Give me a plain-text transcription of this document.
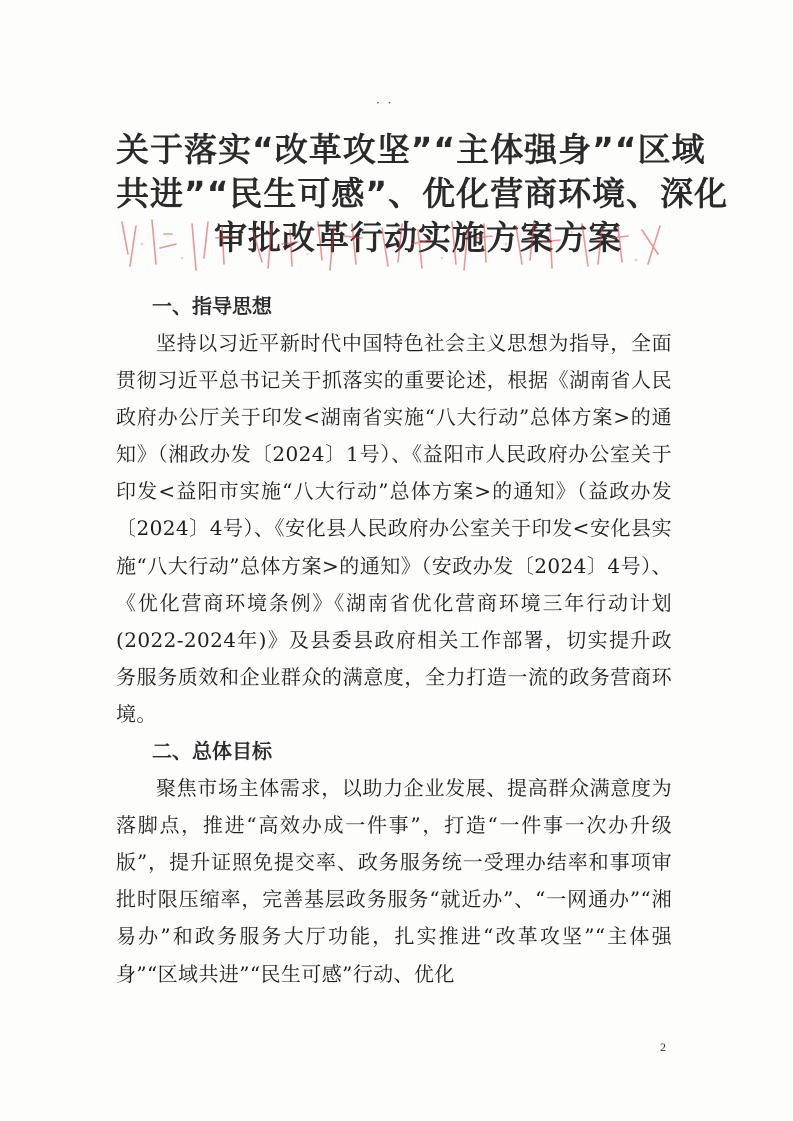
· ·
关于落实“改革攻坚”“主体强身”“区域
共进”“民生可感”、优化营商环境、深化
审批改革行动实施方案方案
一、指导思想

坚持以习近平新时代中国特色社会主义思想为指导，全面贯彻习近平总书记关于抓落实的重要论述，根据《湖南省人民政府办公厅关于印发<湖南省实施“八大行动”总体方案>的通知》（湘政办发〔2024〕1号）、《益阳市人民政府办公室关于印发<益阳市实施“八大行动”总体方案>的通知》（益政办发〔2024〕4号）、《安化县人民政府办公室关于印发<安化县实施“八大行动”总体方案>的通知》（安政办发〔2024〕4号）、《优化营商环境条例》《湖南省优化营商环境三年行动计划(2022-2024年)》及县委县政府相关工作部署，切实提升政务服务质效和企业群众的满意度，全力打造一流的政务营商环境。

二、总体目标

聚焦市场主体需求，以助力企业发展、提高群众满意度为落脚点，推进“高效办成一件事”，打造“一件事一次办升级版”，提升证照免提交率、政务服务统一受理办结率和事项审批时限压缩率，完善基层政务服务“就近办”、“一网通办”“湘易办”和政务服务大厅功能，扎实推进“改革攻坚”“主体强身”“区域共进”“民生可感”行动、优化

2
